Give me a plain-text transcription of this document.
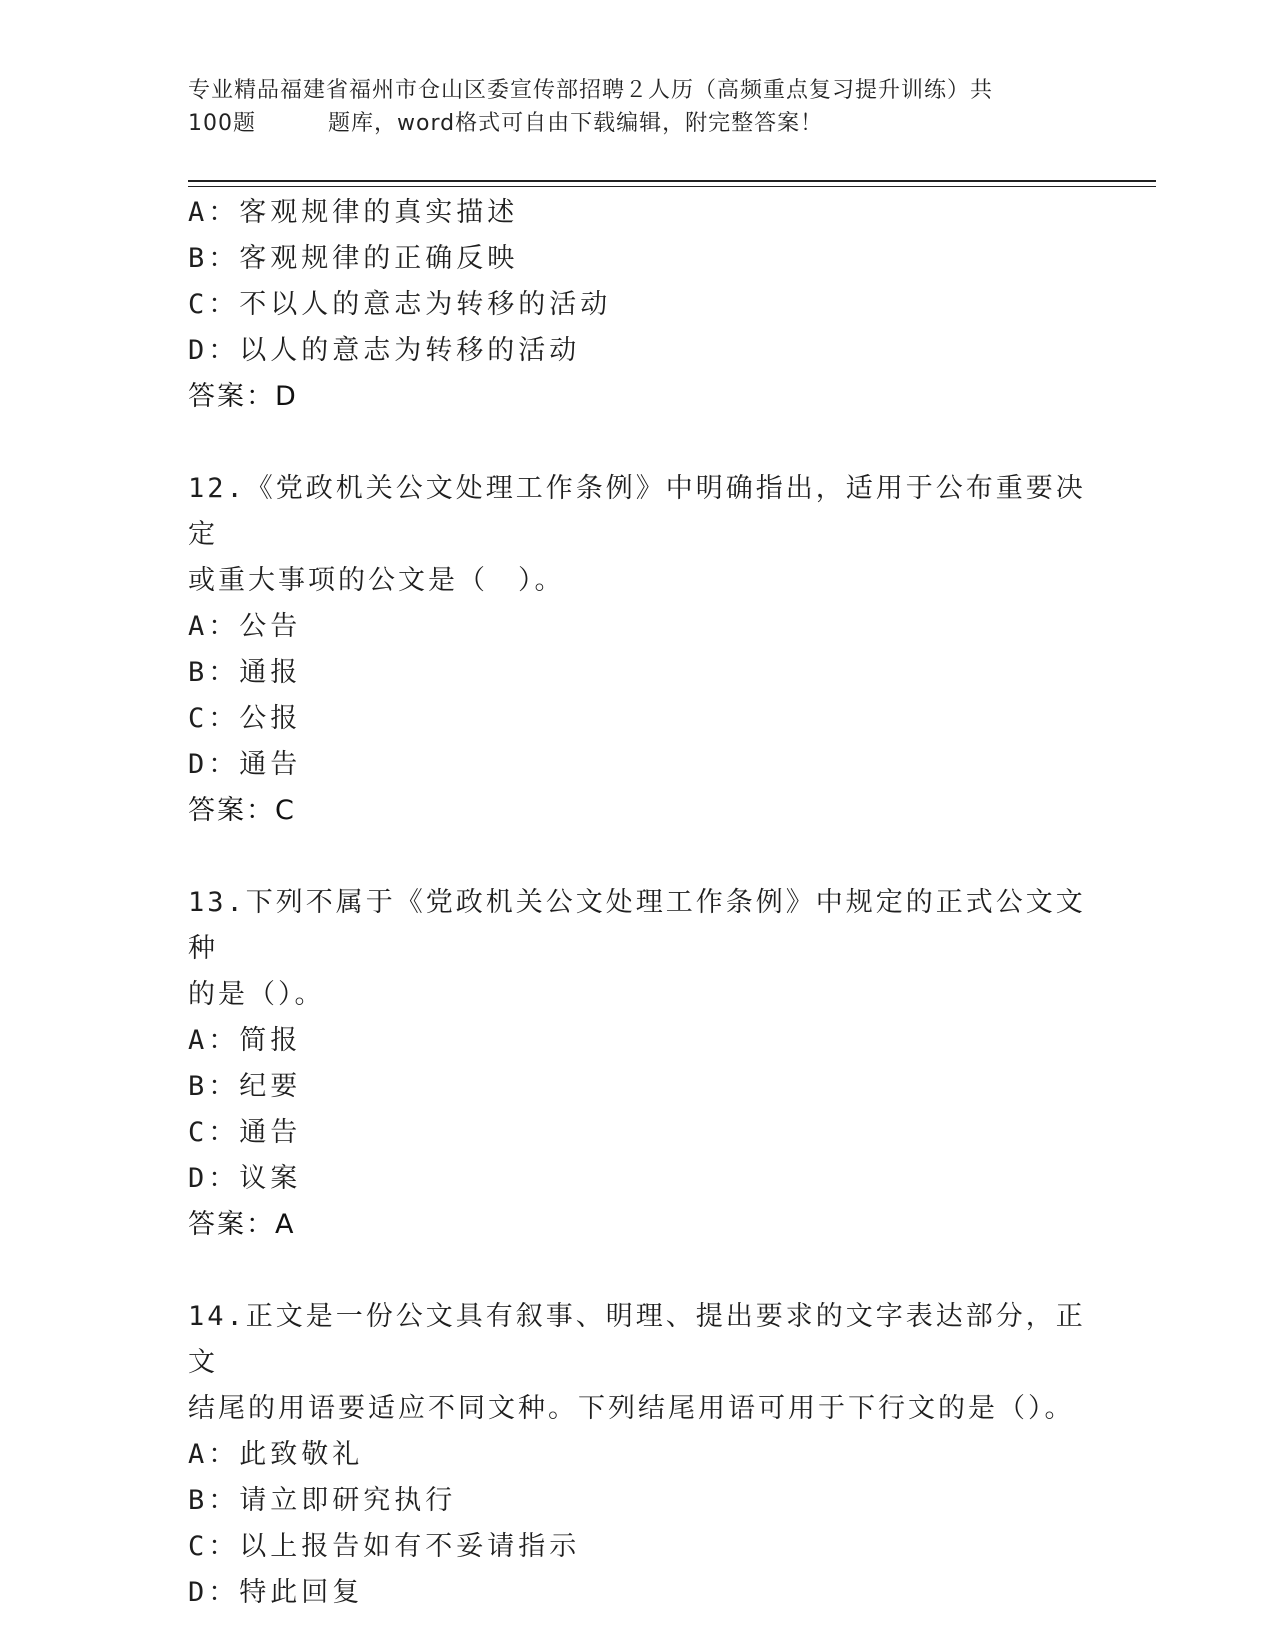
专业精品福建省福州市仓山区委宣传部招聘２人历（高频重点复习提升训练）共
100题	题库，word格式可自由下载编辑，附完整答案！
A：客观规律的真实描述
B：客观规律的正确反映
C：不以人的意志为转移的活动
D：以人的意志为转移的活动
答案：D
12.《党政机关公文处理工作条例》中明确指出，适用于公布重要决定
或重大事项的公文是（　）。
A：公告
B：通报
C：公报
D：通告
答案：C
13.下列不属于《党政机关公文处理工作条例》中规定的正式公文文种
的是（）。
A：简报
B：纪要
C：通告
D：议案
答案：A
14.正文是一份公文具有叙事、明理、提出要求的文字表达部分，正文
结尾的用语要适应不同文种。下列结尾用语可用于下行文的是（）。
A：此致敬礼
B：请立即研究执行
C：以上报告如有不妥请指示
D：特此回复
